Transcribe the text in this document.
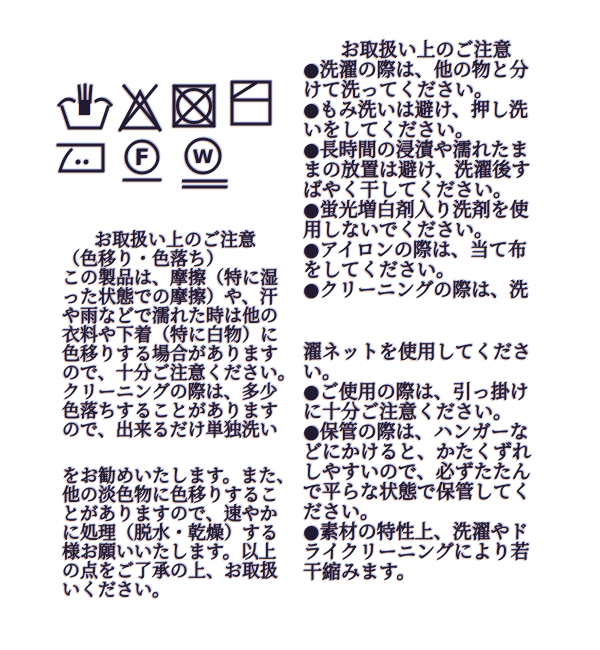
F W
お取扱い上のご注意
（色移り・色落ち）
この製品は、摩擦（特に湿
った状態での摩擦）や、汗
や雨などで濡れた時は他の
衣料や下着（特に白物）に
色移りする場合があります
ので、十分ご注意ください。
クリーニングの際は、多少
色落ちすることがあります
ので、出来るだけ単独洗い
をお勧めいたします。また、
他の淡色物に色移りするこ
とがありますので、速やか
に処理（脱水・乾燥）する
様お願いいたします。以上
の点をご了承の上、お取扱
いください。
お取扱い上のご注意
●洗濯の際は、他の物と分
けて洗ってください。
●もみ洗いは避け、押し洗
いをしてください。
●長時間の浸漬や濡れたま
まの放置は避け、洗濯後す
ばやく干してください。
●蛍光増白剤入り洗剤を使
用しないでください。
●アイロンの際は、当て布
をしてください。
●クリーニングの際は、洗
濯ネットを使用してくださ
い。
●ご使用の際は、引っ掛け
に十分ご注意ください。
●保管の際は、ハンガーな
どにかけると、かたくずれ
しやすいので、必ずたたん
で平らな状態で保管してく
ださい。
●素材の特性上、洗濯やド
ライクリーニングにより若
干縮みます。
